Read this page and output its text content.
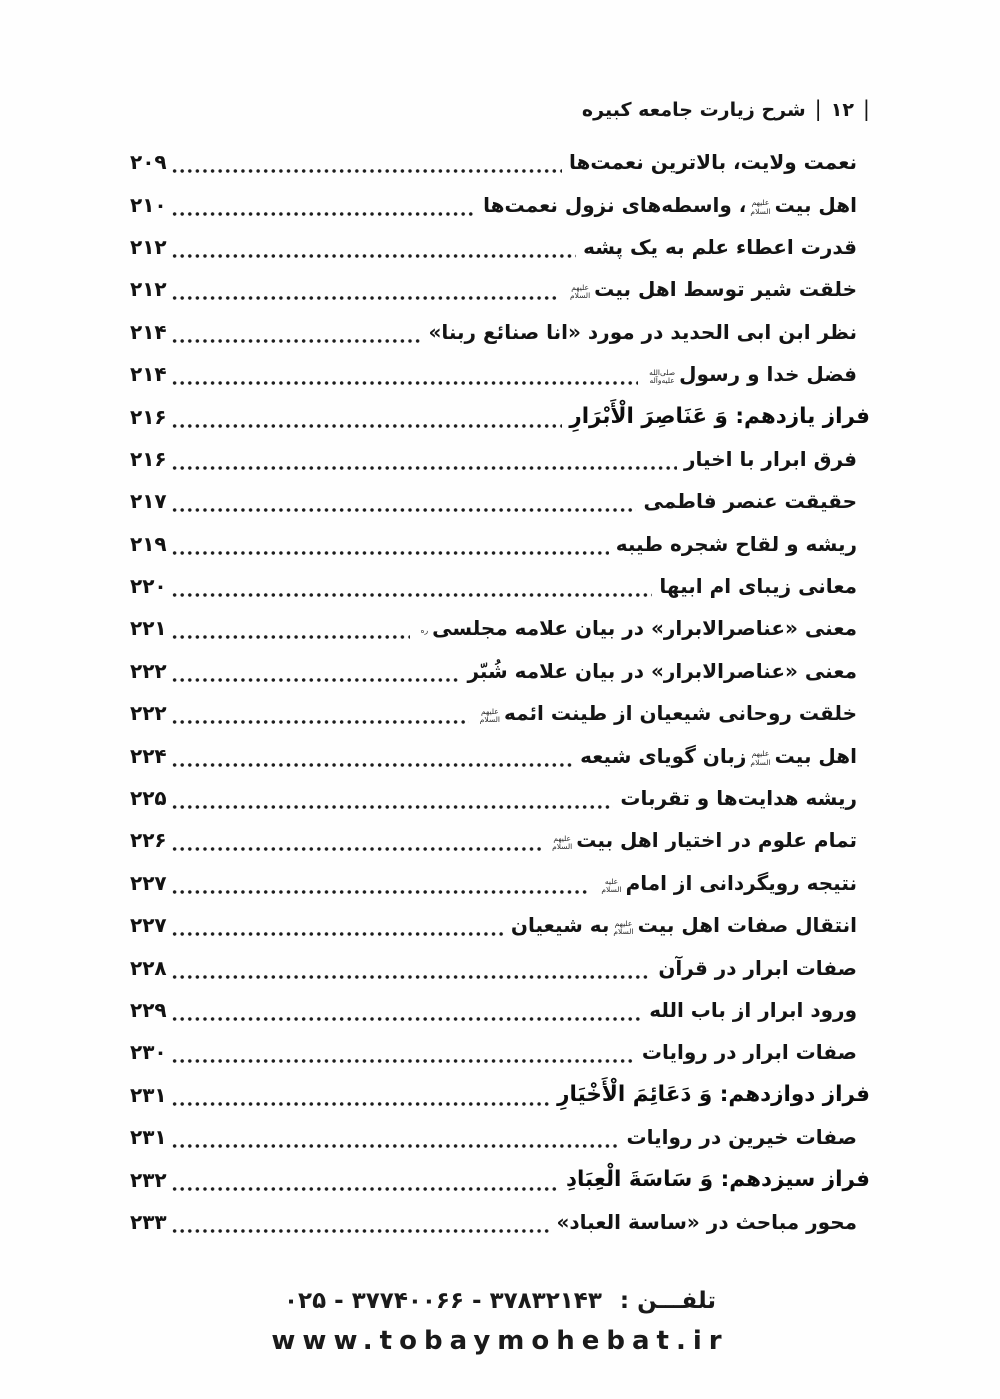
|
۱۲
|
شرح زیارت جامعه کبیره
نعمت ولایت، بالاترین نعمت‌ها
۲۰۹
اهل بیت
علیهم
السلام
، واسطه‌های نزول نعمت‌ها
۲۱۰
قدرت اعطاء علم به یک پشه
۲۱۲
خلقت شیر توسط اهل بیت
علیهم
السلام
۲۱۲
نظر ابن ابی الحدید در مورد «انا صنائع ربنا»
۲۱۴
فضل خدا و رسول
صلی‌الله
علیه‌وآله
۲۱۴
فراز یازدهم: وَ عَنَاصِرَ الْأَبْرَارِ
۲۱۶
فرق ابرار با اخیار
۲۱۶
حقیقت عنصر فاطمی
۲۱۷
ریشه و لقاح شجره طیبه
۲۱۹
معانی زیبای ام ابیها
۲۲۰
معنی «عناصرالابرار» در بیان علامه مجلسی
ره
۲۲۱
معنی «عناصرالابرار» در بیان علامه شُبّر
۲۲۲
خلقت روحانی شیعیان از طینت ائمه
علیهم
السلام
۲۲۲
اهل بیت
علیهم
السلام
زبان گویای شیعه
۲۲۴
ریشه هدایت‌ها و تقربات
۲۲۵
تمام علوم در اختیار اهل بیت
علیهم
السلام
۲۲۶
نتیجه رویگردانی از امام
علیه
السلام
۲۲۷
انتقال صفات اهل بیت
علیهم
السلام
به شیعیان
۲۲۷
صفات ابرار در قرآن
۲۲۸
ورود ابرار از باب الله
۲۲۹
صفات ابرار در روایات
۲۳۰
فراز دوازدهم: وَ دَعَائِمَ الْأَخْيَارِ
۲۳۱
صفات خیرین در روایات
۲۳۱
فراز سیزدهم: وَ سَاسَةَ الْعِبَادِ
۲۳۲
محور مباحث در «ساسة العباد»
۲۳۳
تلفـــن : ۳۷۸۳۲۱۴۳ - ۳۷۷۴۰۰۶۶ - ۰۲۵
www.tobaymohebat.ir
